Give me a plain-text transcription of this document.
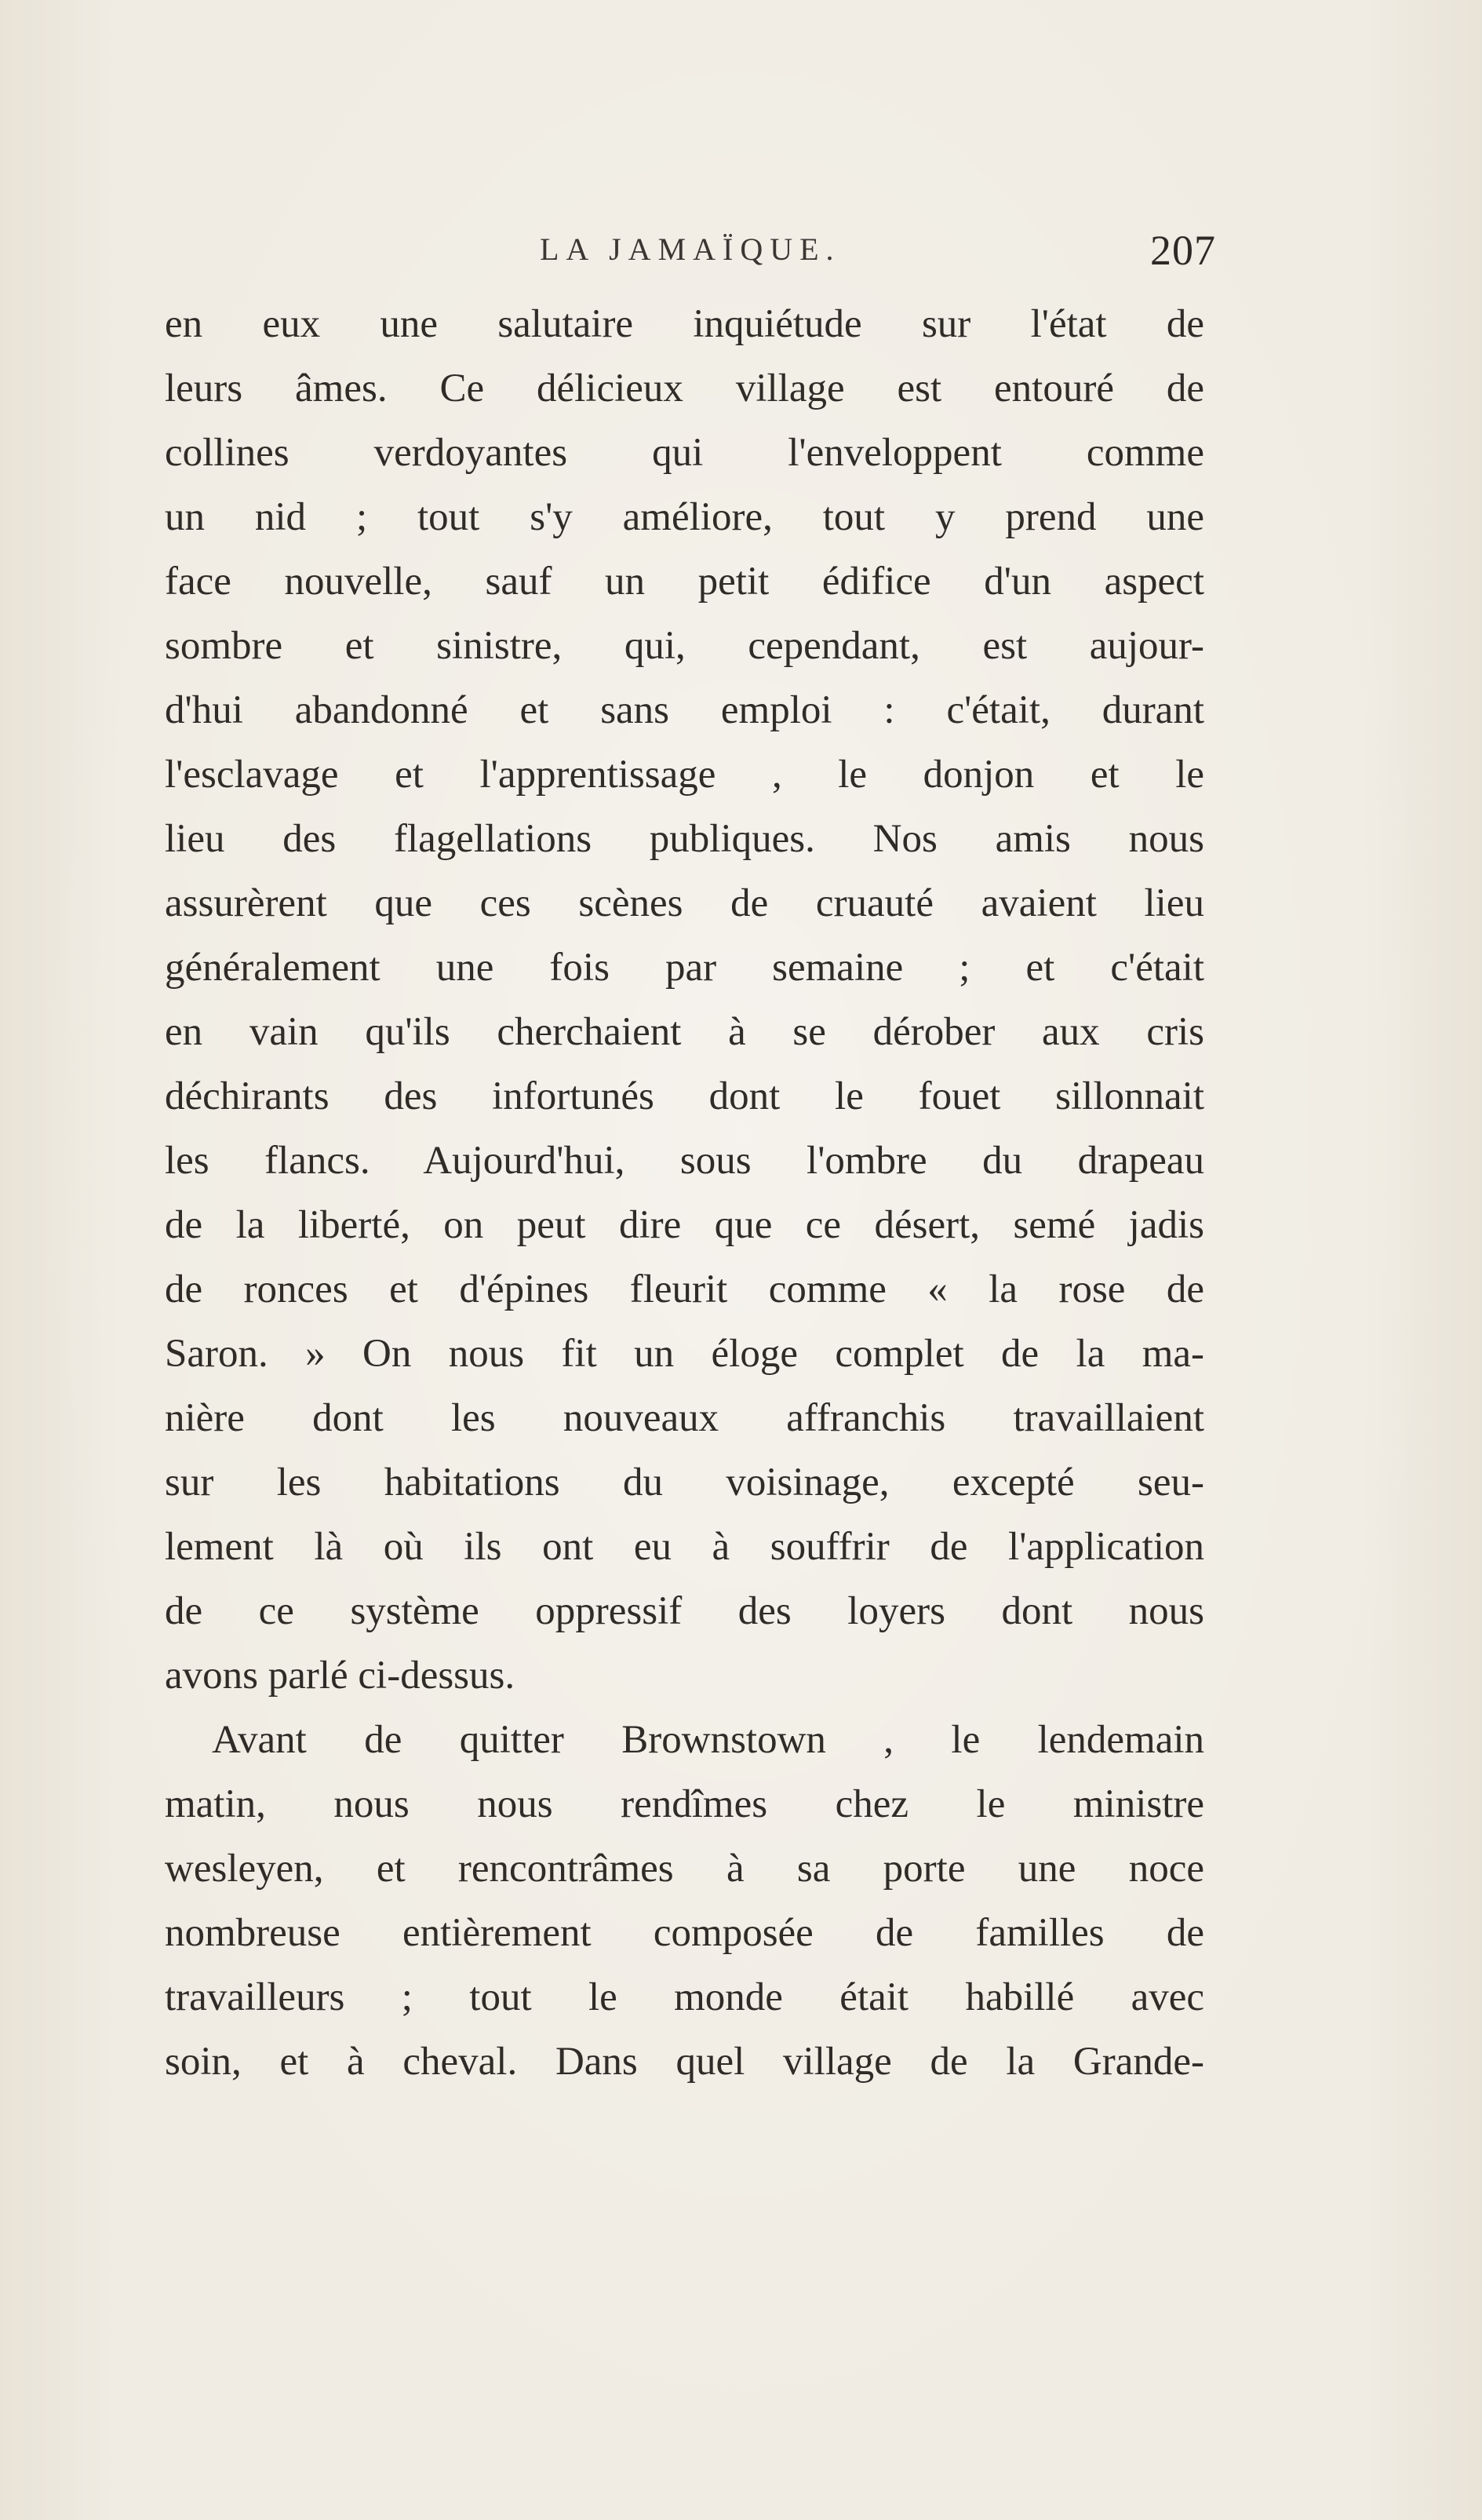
LA JAMAÏQUE.	207
en eux une salutaire inquiétude sur l'état de
leurs âmes. Ce délicieux village est entouré de
collines verdoyantes qui l'enveloppent comme
un nid ; tout s'y améliore, tout y prend une
face nouvelle, sauf un petit édifice d'un aspect
sombre et sinistre, qui, cependant, est aujour-
d'hui abandonné et sans emploi : c'était, durant
l'esclavage et l'apprentissage , le donjon et le
lieu des flagellations publiques. Nos amis nous
assurèrent que ces scènes de cruauté avaient lieu
généralement une fois par semaine ; et c'était
en vain qu'ils cherchaient à se dérober aux cris
déchirants des infortunés dont le fouet sillonnait
les flancs. Aujourd'hui, sous l'ombre du drapeau
de la liberté, on peut dire que ce désert, semé jadis
de ronces et d'épines fleurit comme « la rose de
Saron. » On nous fit un éloge complet de la ma-
nière dont les nouveaux affranchis travaillaient
sur les habitations du voisinage, excepté seu-
lement là où ils ont eu à souffrir de l'application
de ce système oppressif des loyers dont nous
avons parlé ci-dessus.
Avant de quitter Brownstown , le lendemain
matin, nous nous rendîmes chez le ministre
wesleyen, et rencontrâmes à sa porte une noce
nombreuse entièrement composée de familles de
travailleurs ; tout le monde était habillé avec
soin, et à cheval. Dans quel village de la Grande-
